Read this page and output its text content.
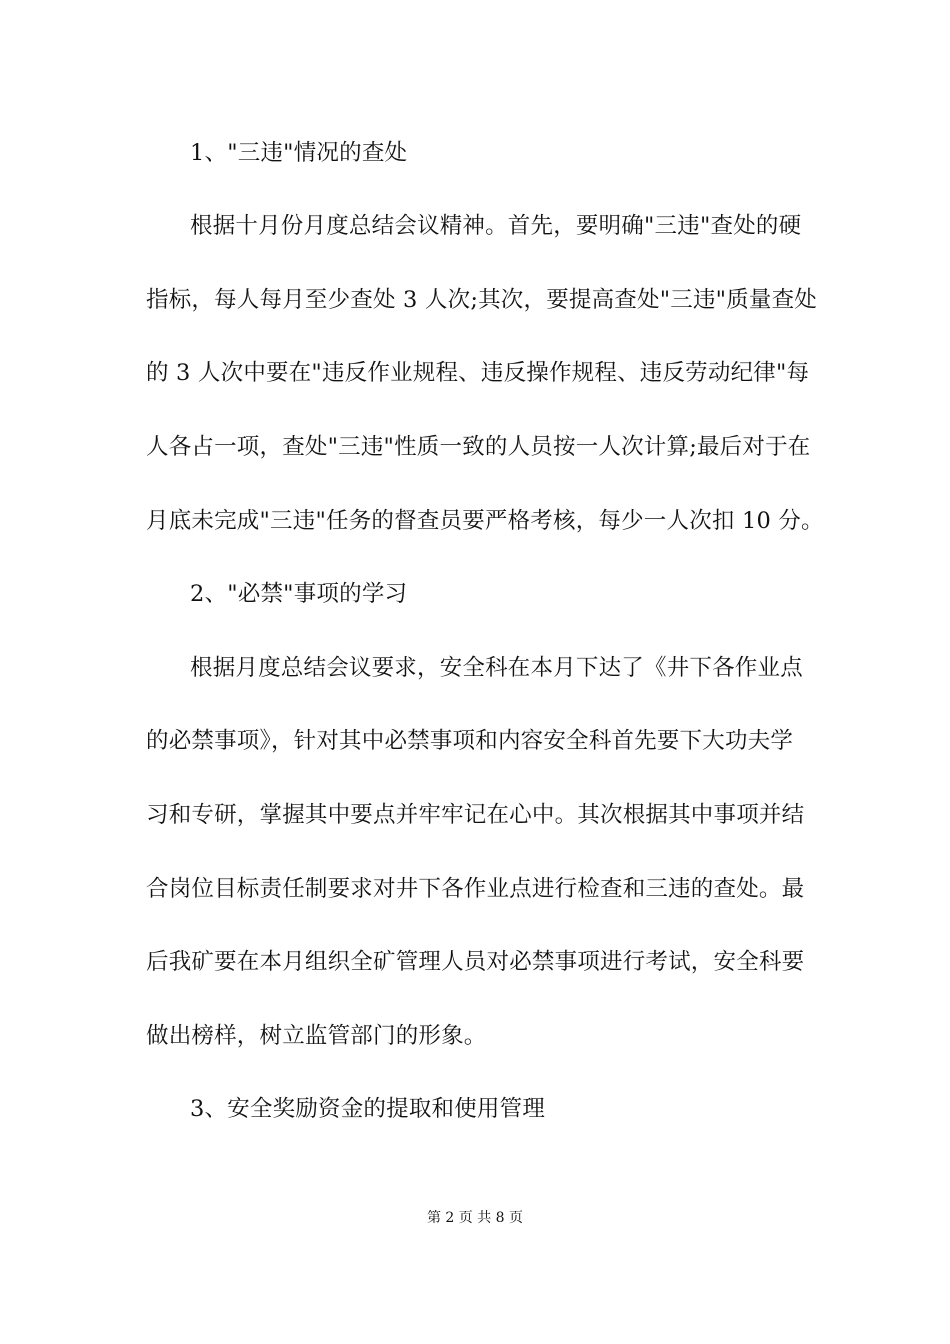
1、"三违"情况的查处
根据十月份月度总结会议精神。首先，要明确"三违"查处的硬
指标，每人每月至少查处 3 人次;其次，要提高查处"三违"质量查处
的 3 人次中要在"违反作业规程、违反操作规程、违反劳动纪律"每
人各占一项，查处"三违"性质一致的人员按一人次计算;最后对于在
月底未完成"三违"任务的督查员要严格考核，每少一人次扣 10 分。
2、"必禁"事项的学习
根据月度总结会议要求，安全科在本月下达了《井下各作业点
的必禁事项》，针对其中必禁事项和内容安全科首先要下大功夫学
习和专研，掌握其中要点并牢牢记在心中。其次根据其中事项并结
合岗位目标责任制要求对井下各作业点进行检查和三违的查处。最
后我矿要在本月组织全矿管理人员对必禁事项进行考试，安全科要
做出榜样，树立监管部门的形象。
3、安全奖励资金的提取和使用管理
第 2 页 共 8 页
